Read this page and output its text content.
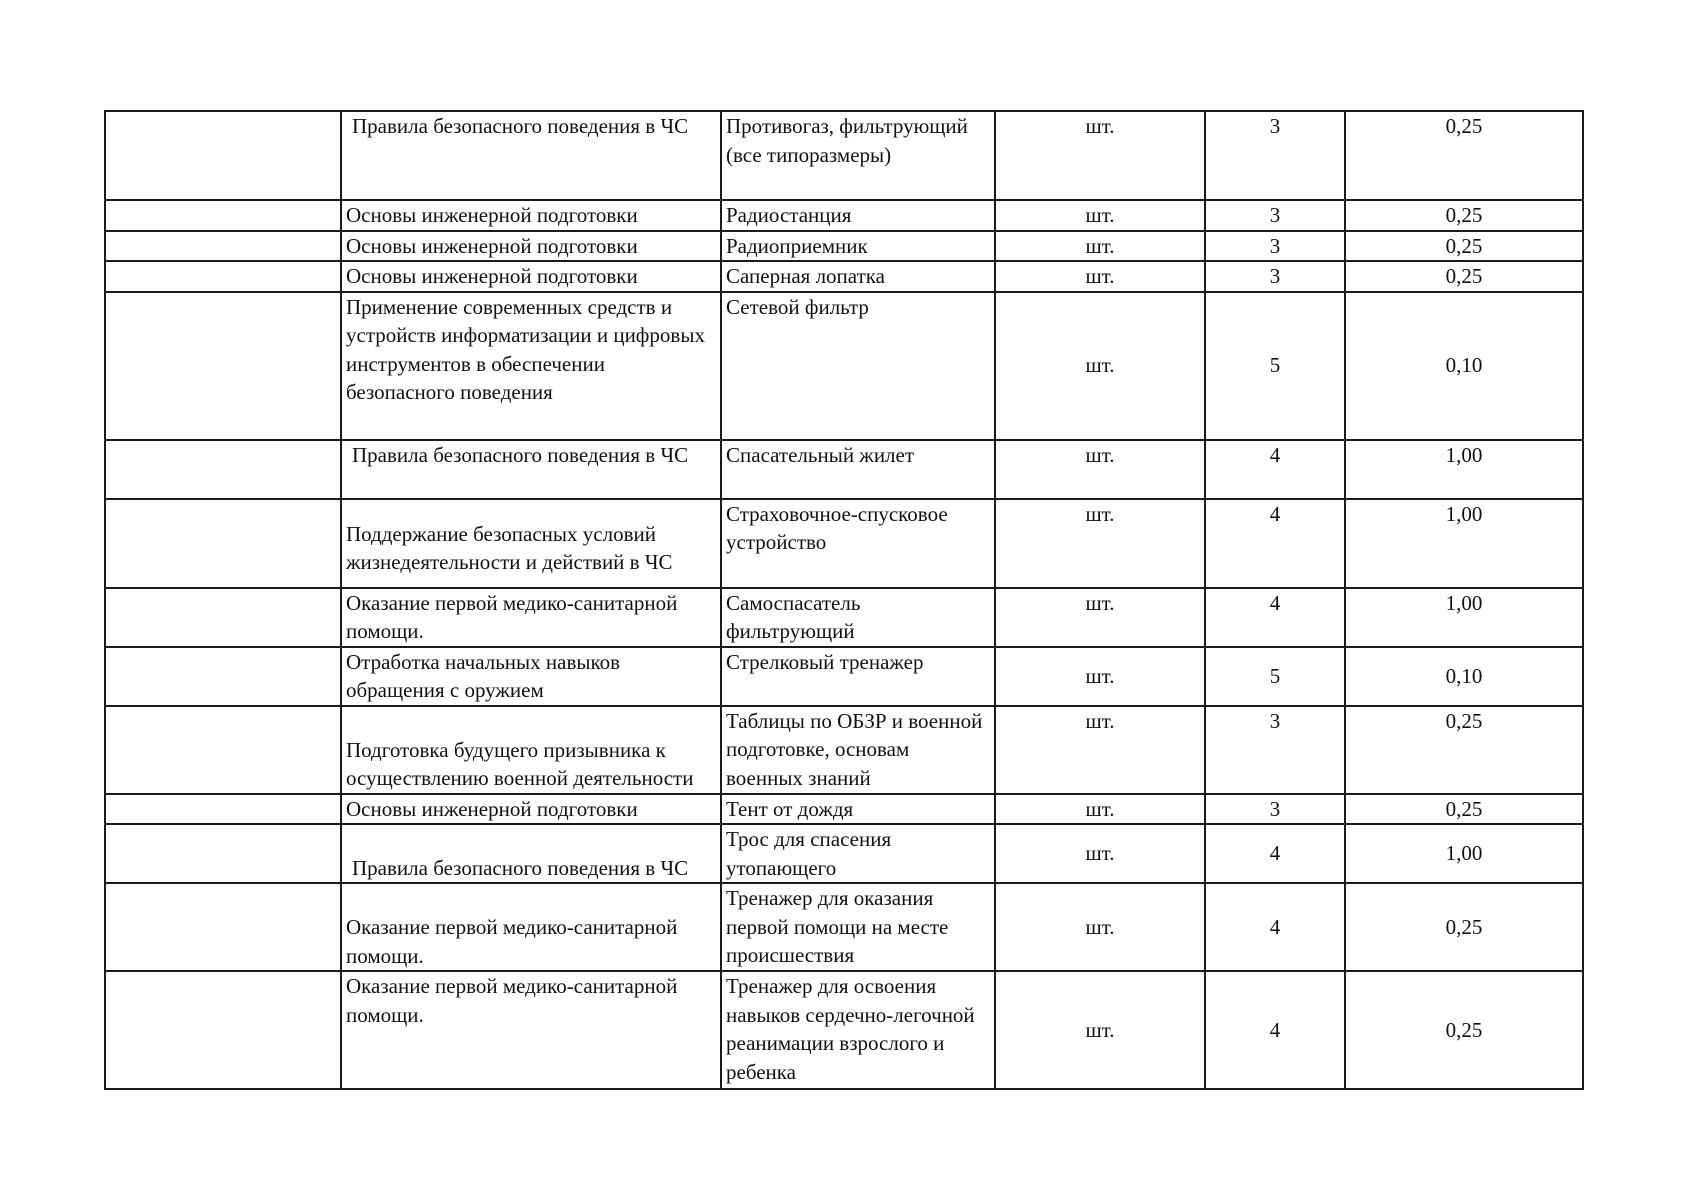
	Правила безопасного поведения в ЧС	Противогаз, фильтрующий (все типоразмеры)	шт.	3	0,25

	Основы инженерной подготовки	Радиостанция	шт.	3	0,25

	Основы инженерной подготовки	Радиоприемник	шт.	3	0,25

	Основы инженерной подготовки	Саперная лопатка	шт.	3	0,25

	Применение современных средств и устройств информатизации и цифровых инструментов в обеспечении безопасного поведения	Сетевой фильтр	шт.	5	0,10

	Правила безопасного поведения в ЧС	Спасательный жилет	шт.	4	1,00

	Поддержание безопасных условий жизнедеятельности и действий в ЧС	Страховочное-спусковое устройство	шт.	4	1,00

	Оказание первой медико-санитарной помощи.	Самоспасатель фильтрующий	шт.	4	1,00

	Отработка начальных навыков обращения с оружием	Стрелковый тренажер	шт.	5	0,10

	Подготовка будущего призывника к осуществлению военной деятельности	Таблицы по ОБЗР и военной подготовке, основам военных знаний	шт.	3	0,25

	Основы инженерной подготовки	Тент от дождя	шт.	3	0,25

	Правила безопасного поведения в ЧС	Трос для спасения утопающего	шт.	4	1,00

	Оказание первой медико-санитарной помощи.	Тренажер для оказания первой помощи на месте происшествия	шт.	4	0,25

	Оказание первой медико-санитарной помощи.	Тренажер для освоения навыков сердечно-легочной реанимации взрослого и ребенка	шт.	4	0,25
